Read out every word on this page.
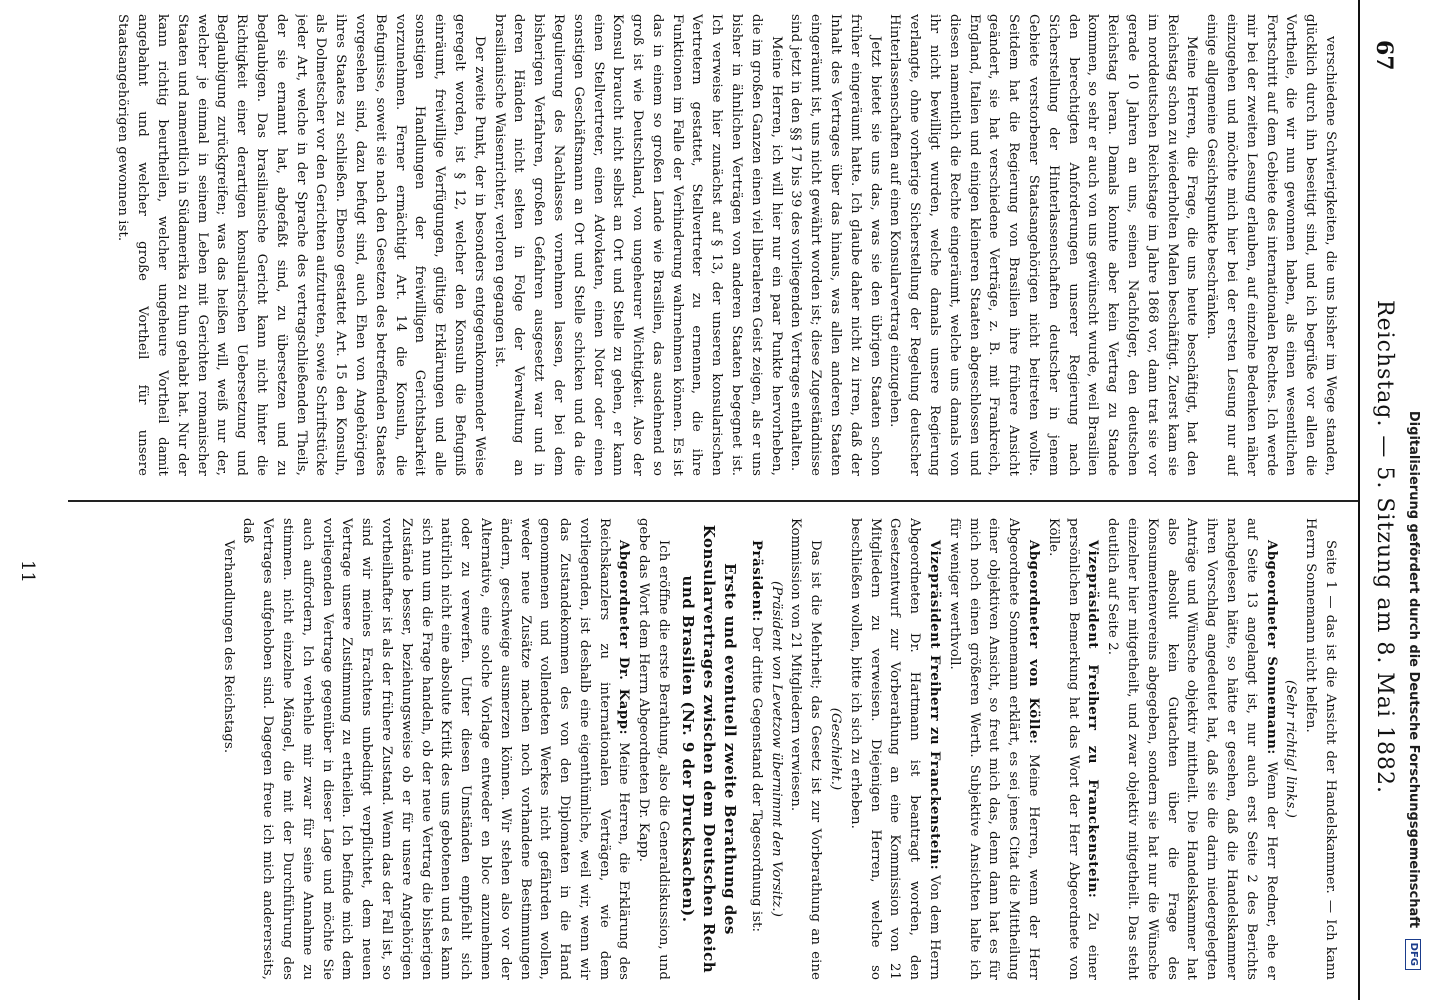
67
Reichstag. — 5. Sitzung am 8. Mai 1882.

verschiedene Schwierigkeiten, die uns bisher im Wege standen, glücklich durch ihn beseitigt sind, und ich begrüße vor allen die Vortheile, die wir nun gewonnen haben, als einen wesentlichen Fortschritt auf dem Gebiete des internationalen Rechtes. Ich werde mir bei der zweiten Lesung erlauben, auf einzelne Bedenken näher einzugehen und möchte mich hier bei der ersten Lesung nur auf einige allgemeine Gesichtspunkte beschränken.

Meine Herren, die Frage, die uns heute beschäftigt, hat den Reichstag schon zu wiederholten Malen beschäftigt. Zuerst kam sie im norddeutschen Reichstage im Jahre 1868 vor, dann trat sie vor gerade 10 Jahren an uns, seinen Nachfolger, den deutschen Reichstag heran. Damals konnte aber kein Vertrag zu Stande kommen, so sehr er auch von uns gewünscht wurde, weil Brasilien den berechtigten Anforderungen unserer Regierung nach Sicherstellung der Hinterlassenschaften deutscher in jenem Gebiete verstorbener Staatsangehörigen nicht beitreten wollte. Seitdem hat die Regierung von Brasilien ihre frühere Ansicht geändert, sie hat verschiedene Verträge, z. B. mit Frankreich, England, Italien und einigen kleineren Staaten abgeschlossen und diesen namentlich die Rechte eingeräumt, welche uns damals von ihr nicht bewilligt wurden, welche damals unsere Regierung verlangte, ohne vorherige Sicherstellung der Regelung deutscher Hinterlassenschaften auf einen Konsularvertrag einzugehen.

Jetzt bietet sie uns das, was sie den übrigen Staaten schon früher eingeräumt hatte. Ich glaube daher nicht zu irren, daß der Inhalt des Vertrages über das hinaus, was allen anderen Staaten eingeräumt ist, uns nicht gewährt worden ist; diese Zugeständnisse sind jetzt in den §§ 17 bis 39 des vorliegenden Vertrages enthalten.

Meine Herren, ich will hier nur ein paar Punkte hervorheben, die im großen Ganzen einen viel liberaleren Geist zeigen, als er uns bisher in ähnlichen Verträgen von anderen Staaten begegnet ist. Ich verweise hier zunächst auf § 13, der unseren konsularischen Vertretern gestattet, Stellvertreter zu ernennen, die ihre Funktionen im Falle der Verhinderung wahrnehmen können. Es ist das in einem so großen Lande wie Brasilien, das ausdehnend so groß ist wie Deutschland, von ungeheurer Wichtigkeit. Also der Konsul braucht nicht selbst an Ort und Stelle zu gehen, er kann einen Stellvertreter, einen Advokaten, einen Notar oder einen sonstigen Geschäftsmann an Ort und Stelle schicken und da die Regulierung des Nachlasses vornehmen lassen, der bei dem bisherigen Verfahren, großen Gefahren ausgesetzt war und in deren Händen nicht selten in Folge der Verwaltung an brasilianische Waisenrichter, verloren gegangen ist.

Der zweite Punkt, der in besonders entgegenkommender Weise geregelt worden, ist § 12, welcher den Konsuln die Befugniß einräumt, freiwillige Verfügungen, gültige Erklärungen und alle sonstigen Handlungen der freiwilligen Gerichtsbarkeit vorzunehmen. Ferner ermächtigt Art. 14 die Konsuln, die Befugnisse, soweit sie nach den Gesetzen des betreffenden Staates vorgesehen sind, dazu befugt sind, auch Ehen von Angehörigen ihres Staates zu schließen. Ebenso gestattet Art. 15 den Konsuln, als Dolmetscher vor den Gerichten aufzutreten, sowie Schriftstücke jeder Art, welche in der Sprache des vertragschließenden Theils, der sie ernannt hat, abgefaßt sind, zu übersetzen und zu beglaubigen. Das brasilianische Gericht kann nicht hinter die Richtigkeit einer derartigen konsularischen Uebersetzung und Beglaubigung zurückgreifen; was das heißen will, weiß nur der, welcher je einmal in seinem Leben mit Gerichten romanischer Staaten und namentlich in Südamerika zu thun gehabt hat. Nur der kann richtig beurtheilen, welcher ungeheure Vortheil damit angebahnt und welcher große Vortheil für unsere Staatsangehörigen gewonnen ist.

Seite 1 — das ist die Ansicht der Handelskammer. — Ich kann Herrn Sonnemann nicht helfen.

(Sehr richtig! links.)

Abgeordneter Sonnemann: Wenn der Herr Redner, ehe er auf Seite 13 angelangt ist, nur auch erst Seite 2 des Berichts nachgelesen hätte, so hätte er gesehen, daß die Handelskammer ihren Vorschlag angedeutet hat, daß sie die darin niedergelegten Anträge und Wünsche objektiv mittheilt. Die Handelskammer hat also absolut kein Gutachten über die Frage des Konsumentenvereins abgegeben, sondern sie hat nur die Wünsche einzelner hier mitgetheilt, und zwar objektiv mitgetheilt. Das steht deutlich auf Seite 2.

Vizepräsident Freiherr zu Franckenstein: Zu einer persönlichen Bemerkung hat das Wort der Herr Abgeordnete von Kölle.

Abgeordneter von Kölle: Meine Herren, wenn der Herr Abgeordnete Sonnemann erklärt, es sei jenes Citat die Mittheilung einer objektiven Ansicht, so freut mich das, denn dann hat es für mich noch einen größeren Werth. Subjektive Ansichten halte ich für weniger werthvoll.

Vizepräsident Freiherr zu Franckenstein: Von dem Herrn Abgeordneten Dr. Hartmann ist beantragt worden, den Gesetzentwurf zur Vorberathung an eine Kommission von 21 Mitgliedern zu verweisen. Diejenigen Herren, welche so beschließen wollen, bitte ich sich zu erheben.

(Geschieht.)

Das ist die Mehrheit; das Gesetz ist zur Vorberathung an eine Kommission von 21 Mitgliedern verwiesen.

(Präsident von Levetzow übernimmt den Vorsitz.)

Präsident: Der dritte Gegenstand der Tagesordnung ist:

Erste und eventuell zweite Berathung des Konsularvertrages zwischen dem Deutschen Reich und Brasilien (Nr. 9 der Drucksachen).

Ich eröffne die erste Berathung, also die Generaldiskussion, und gebe das Wort dem Herrn Abgeordneten Dr. Kapp.

Abgeordneter Dr. Kapp: Meine Herren, die Erklärung des Reichskanzlers zu internationalen Verträgen, wie dem vorliegenden, ist deshalb eine eigenthümliche, weil wir, wenn wir das Zustandekommen des von den Diplomaten in die Hand genommenen und vollendeten Werkes nicht gefährden wollen, weder neue Zusätze machen noch vorhandene Bestimmungen ändern, geschweige ausmerzen können. Wir stehen also vor der Alternative, eine solche Vorlage entweder en bloc anzunehmen oder zu verwerfen. Unter diesen Umständen empfiehlt sich natürlich nicht eine absolute Kritik des uns gebotenen und es kann sich nun um die Frage handeln, ob der neue Vertrag die bisherigen Zustände besser, beziehungsweise ob er für unsere Angehörigen vortheilhafter ist als der frühere Zustand. Wenn das der Fall ist, so sind wir meines Erachtens unbedingt verpflichtet, dem neuen Vertrage unsere Zustimmung zu ertheilen. Ich befinde mich dem vorliegenden Vertrage gegenüber in dieser Lage und möchte Sie auch auffordern, Ich verhehle mir zwar für seine Annahme zu stimmen. nicht einzelne Mängel, die mit der Durchführung des Vertrages aufgehoben sind. Dagegen freue ich mich andererseits, daß

Verhandlungen des Reichstags.

11	Digitalisierung gefördert durch die Deutsche Forschungsgemeinschaft DFG
